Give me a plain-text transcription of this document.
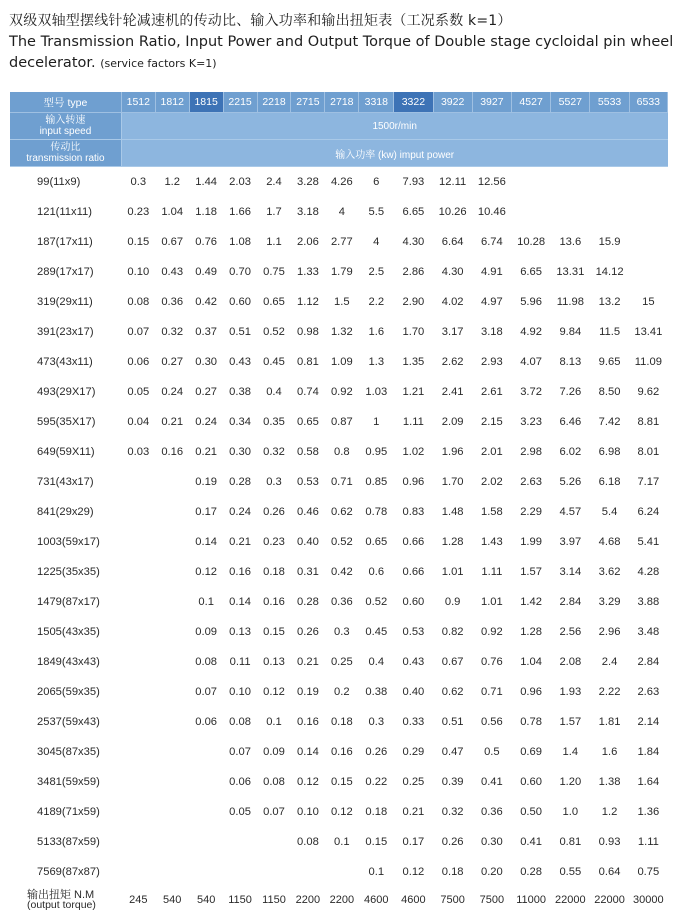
双级双轴型摆线针轮减速机的传动比、输入功率和输出扭矩表（工况系数 k=1）
The Transmission Ratio, Input Power and Output Torque of Double stage cycloidal pin wheel decelerator. (service factors K=1)
型号 type	1512	1812	1815	2215	2218	2715	2718	3318	3322	3922	3927	4527	5527	5533	6533

输入转速
input speed	1500r/min														

传动比
transmission ratio	输入功率 (kw) imput power														
99(11x9)	0.3	1.2	1.44	2.03	2.4	3.28	4.26	6	7.93	12.11	12.56				
121(11x11)	0.23	1.04	1.18	1.66	1.7	3.18	4	5.5	6.65	10.26	10.46				
187(17x11)	0.15	0.67	0.76	1.08	1.1	2.06	2.77	4	4.30	6.64	6.74	10.28	13.6	15.9	
289(17x17)	0.10	0.43	0.49	0.70	0.75	1.33	1.79	2.5	2.86	4.30	4.91	6.65	13.31	14.12	
319(29x11)	0.08	0.36	0.42	0.60	0.65	1.12	1.5	2.2	2.90	4.02	4.97	5.96	11.98	13.2	15
391(23x17)	0.07	0.32	0.37	0.51	0.52	0.98	1.32	1.6	1.70	3.17	3.18	4.92	9.84	11.5	13.41
473(43x11)	0.06	0.27	0.30	0.43	0.45	0.81	1.09	1.3	1.35	2.62	2.93	4.07	8.13	9.65	11.09
493(29X17)	0.05	0.24	0.27	0.38	0.4	0.74	0.92	1.03	1.21	2.41	2.61	3.72	7.26	8.50	9.62
595(35X17)	0.04	0.21	0.24	0.34	0.35	0.65	0.87	1	1.11	2.09	2.15	3.23	6.46	7.42	8.81
649(59X11)	0.03	0.16	0.21	0.30	0.32	0.58	0.8	0.95	1.02	1.96	2.01	2.98	6.02	6.98	8.01
731(43x17)			0.19	0.28	0.3	0.53	0.71	0.85	0.96	1.70	2.02	2.63	5.26	6.18	7.17
841(29x29)			0.17	0.24	0.26	0.46	0.62	0.78	0.83	1.48	1.58	2.29	4.57	5.4	6.24
1003(59x17)			0.14	0.21	0.23	0.40	0.52	0.65	0.66	1.28	1.43	1.99	3.97	4.68	5.41
1225(35x35)			0.12	0.16	0.18	0.31	0.42	0.6	0.66	1.01	1.11	1.57	3.14	3.62	4.28
1479(87x17)			0.1	0.14	0.16	0.28	0.36	0.52	0.60	0.9	1.01	1.42	2.84	3.29	3.88
1505(43x35)			0.09	0.13	0.15	0.26	0.3	0.45	0.53	0.82	0.92	1.28	2.56	2.96	3.48
1849(43x43)			0.08	0.11	0.13	0.21	0.25	0.4	0.43	0.67	0.76	1.04	2.08	2.4	2.84
2065(59x35)			0.07	0.10	0.12	0.19	0.2	0.38	0.40	0.62	0.71	0.96	1.93	2.22	2.63
2537(59x43)			0.06	0.08	0.1	0.16	0.18	0.3	0.33	0.51	0.56	0.78	1.57	1.81	2.14
3045(87x35)				0.07	0.09	0.14	0.16	0.26	0.29	0.47	0.5	0.69	1.4	1.6	1.84
3481(59x59)				0.06	0.08	0.12	0.15	0.22	0.25	0.39	0.41	0.60	1.20	1.38	1.64
4189(71x59)				0.05	0.07	0.10	0.12	0.18	0.21	0.32	0.36	0.50	1.0	1.2	1.36
5133(87x59)						0.08	0.1	0.15	0.17	0.26	0.30	0.41	0.81	0.93	1.11
7569(87x87)								0.1	0.12	0.18	0.20	0.28	0.55	0.64	0.75

输出扭矩 N.M
(output torque)	245	540	540	1150	1150	2200	2200	4600	4600	7500	7500	11000	22000	22000	30000
